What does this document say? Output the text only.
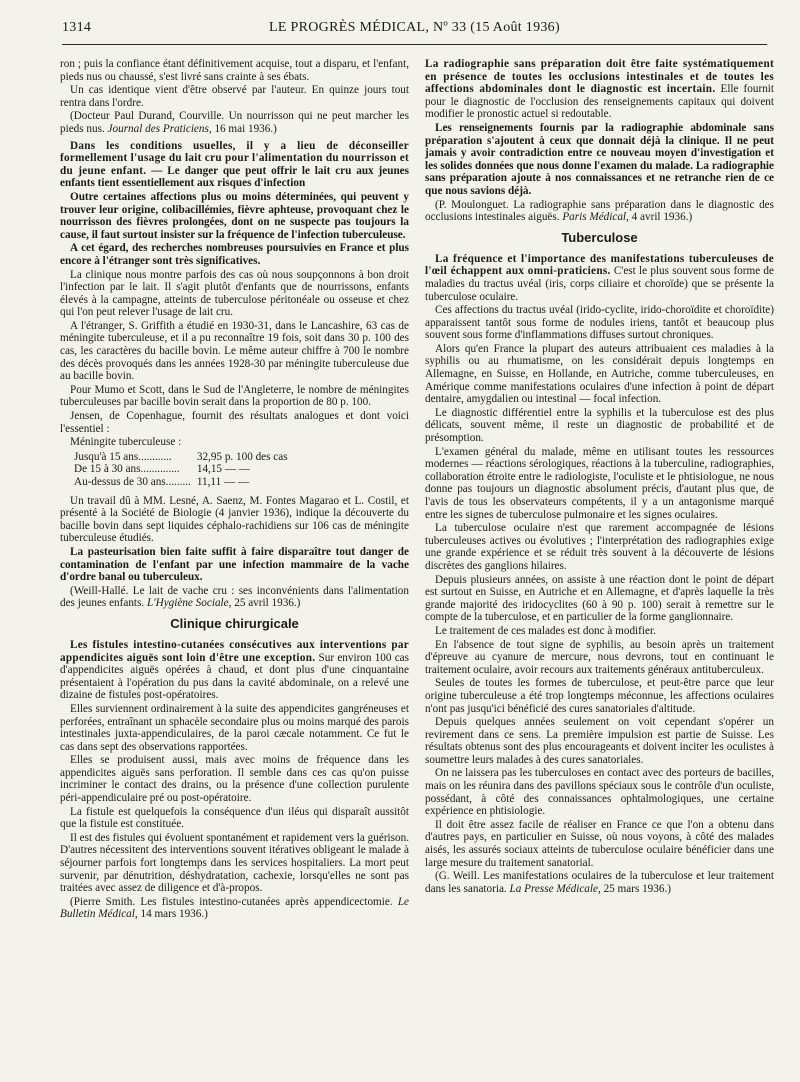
1314	LE PROGRÈS MÉDICAL, Nº 33 (15 Août 1936)

ron ; puis la confiance étant définitivement acquise, tout a disparu, et l'enfant, pieds nus ou chaussé, s'est livré sans crainte à ses ébats.

Un cas identique vient d'être observé par l'auteur. En quinze jours tout rentra dans l'ordre.

(Docteur Paul Durand, Courville. Un nourrisson qui ne peut marcher les pieds nus. Journal des Praticiens, 16 mai 1936.)

Dans les conditions usuelles, il y a lieu de déconseiller formellement l'usage du lait cru pour l'alimentation du nourrisson et du jeune enfant. — Le danger que peut offrir le lait cru aux jeunes enfants tient essentiellement aux risques d'infection

Outre certaines affections plus ou moins déterminées, qui peuvent y trouver leur origine, colibacillémies, fièvre aphteuse, provoquant chez le nourrisson des fièvres prolongées, dont on ne suspecte pas toujours la cause, il faut surtout insister sur la fréquence de l'infection tuberculeuse.

A cet égard, des recherches nombreuses poursuivies en France et plus encore à l'étranger sont très significatives.

La clinique nous montre parfois des cas où nous soupçonnons à bon droit l'infection par le lait. Il s'agit plutôt d'enfants que de nourrissons, enfants élevés à la campagne, atteints de tuberculose péritonéale ou osseuse et chez qui l'on peut relever l'usage de lait cru.

A l'étranger, S. Griffith a étudié en 1930-31, dans le Lancashire, 63 cas de méningite tuberculeuse, et il a pu reconnaître 19 fois, soit dans 30 p. 100 des cas, les caractères du bacille bovin. Le même auteur chiffre à 700 le nombre des décès provoqués dans les années 1928-30 par méningite tuberculeuse due au bacille bovin.

Pour Mumo et Scott, dans le Sud de l'Angleterre, le nombre de méningites tuberculeuses par bacille bovin serait dans la proportion de 80 p. 100.

Jensen, de Copenhague, fournit des résultats analogues et dont voici l'essentiel :

Méningite tuberculeuse :

Jusqu'à 15 ans............	32,95 p. 100 des cas
De 15 à 30 ans..............	14,15 — —
Au-dessus de 30 ans.........	11,11 — —

Un travail dû à MM. Lesné, A. Saenz, M. Fontes Magarao et L. Costil, et présenté à la Société de Biologie (4 janvier 1936), indique la découverte du bacille bovin dans sept liquides céphalo-rachidiens sur 106 cas de méningite tuberculeuse étudiés.

La pasteurisation bien faite suffit à faire disparaître tout danger de contamination de l'enfant par une infection mammaire de la vache d'ordre banal ou tuberculeux.

(Weill-Hallé. Le lait de vache cru : ses inconvénients dans l'alimentation des jeunes enfants. L'Hygiène Sociale, 25 avril 1936.)

Clinique chirurgicale

Les fistules intestino-cutanées consécutives aux interventions par appendicites aiguës sont loin d'être une exception. Sur environ 100 cas d'appendicites aiguës opérées à chaud, et dont plus d'une cinquantaine présentaient à l'opération du pus dans la cavité abdominale, on a relevé une dizaine de fistules post-opératoires.

Elles surviennent ordinairement à la suite des appendicites gangréneuses et perforées, entraînant un sphacèle secondaire plus ou moins marqué des parois intestinales juxta-appendiculaires, de la paroi cæcale notamment. Ce fut le cas dans sept des observations rapportées.

Elles se produisent aussi, mais avec moins de fréquence dans les appendicites aiguës sans perforation. Il semble dans ces cas qu'on puisse incriminer le contact des drains, ou la présence d'une collection purulente péri-appendiculaire pré ou post-opératoire.

La fistule est quelquefois la conséquence d'un iléus qui disparaît aussitôt que la fistule est constituée.

Il est des fistules qui évoluent spontanément et rapidement vers la guérison. D'autres nécessitent des interventions souvent itératives obligeant le malade à séjourner parfois fort longtemps dans les services hospitaliers. La mort peut survenir, par dénutrition, déshydratation, cachexie, lorsqu'elles ne sont pas traitées avec assez de diligence et d'à-propos.

(Pierre Smith. Les fistules intestino-cutanées après appendicectomie. Le Bulletin Médical, 14 mars 1936.)

La radiographie sans préparation doit être faite systématiquement en présence de toutes les occlusions intestinales et de toutes les affections abdominales dont le diagnostic est incertain. Elle fournit pour le diagnostic de l'occlusion des renseignements capitaux qui doivent modifier le pronostic actuel si redoutable.

Les renseignements fournis par la radiographie abdominale sans préparation s'ajoutent à ceux que donnait déjà la clinique. Il ne peut jamais y avoir contradiction entre ce nouveau moyen d'investigation et les solides données que nous donne l'examen du malade. La radiographie sans préparation ajoute à nos connaissances et ne retranche rien de ce que nous savions déjà.

(P. Moulonguet. La radiographie sans préparation dans le diagnostic des occlusions intestinales aiguës. Paris Médical, 4 avril 1936.)

Tuberculose

La fréquence et l'importance des manifestations tuberculeuses de l'œil échappent aux omni-praticiens. C'est le plus souvent sous forme de maladies du tractus uvéal (iris, corps ciliaire et choroïde) que se présente la tuberculose oculaire.

Ces affections du tractus uvéal (irido-cyclite, irido-choroïdite et choroïdite) apparaissent tantôt sous forme de nodules iriens, tantôt et beaucoup plus souvent sous forme d'inflammations diffuses surtout chroniques.

Alors qu'en France la plupart des auteurs attribuaient ces maladies à la syphilis ou au rhumatisme, on les considérait depuis longtemps en Allemagne, en Suisse, en Hollande, en Autriche, comme tuberculeuses, en Amérique comme manifestations oculaires d'une infection à point de départ dentaire, amygdalien ou intestinal — focal infection.

Le diagnostic différentiel entre la syphilis et la tuberculose est des plus délicats, souvent même, il reste un diagnostic de probabilité et de présomption.

L'examen général du malade, même en utilisant toutes les ressources modernes — réactions sérologiques, réactions à la tuberculine, radiographies, collaboration étroite entre le radiologiste, l'oculiste et le phtisiologue, ne nous donne pas toujours un diagnostic absolument précis, d'autant plus que, de l'avis de tous les observateurs compétents, il y a un antagonisme marqué entre les signes de tuberculose pulmonaire et les signes oculaires.

La tuberculose oculaire n'est que rarement accompagnée de lésions tuberculeuses actives ou évolutives ; l'interprétation des radiographies exige une grande expérience et se réduit très souvent à la découverte de lésions discrètes des ganglions hilaires.

Depuis plusieurs années, on assiste à une réaction dont le point de départ est surtout en Suisse, en Autriche et en Allemagne, et d'après laquelle la très grande majorité des iridocyclites (60 à 90 p. 100) serait à remettre sur le compte de la tuberculose, et en particulier de la forme ganglionnaire.

Le traitement de ces malades est donc à modifier.

En l'absence de tout signe de syphilis, au besoin après un traitement d'épreuve au cyanure de mercure, nous devrons, tout en continuant le traitement oculaire, avoir recours aux traitements généraux antituberculeux.

Seules de toutes les formes de tuberculose, et peut-être parce que leur origine tuberculeuse a été trop longtemps méconnue, les affections oculaires n'ont pas jusqu'ici bénéficié des cures sanatoriales d'altitude.

Depuis quelques années seulement on voit cependant s'opérer un revirement dans ce sens. La première impulsion est partie de Suisse. Les résultats obtenus sont des plus encourageants et doivent inciter les oculistes à soumettre leurs malades à des cures sanatoriales.

On ne laissera pas les tuberculoses en contact avec des porteurs de bacilles, mais on les réunira dans des pavillons spéciaux sous le contrôle d'un oculiste, possédant, à côté des connaissances ophtalmologiques, une certaine expérience en phtisiologie.

Il doit être assez facile de réaliser en France ce que l'on a obtenu dans d'autres pays, en particulier en Suisse, où nous voyons, à côté des malades aisés, les assurés sociaux atteints de tuberculose oculaire bénéficier dans une large mesure du traitement sanatorial.

(G. Weill. Les manifestations oculaires de la tuberculose et leur traitement dans les sanatoria. La Presse Médicale, 25 mars 1936.)
